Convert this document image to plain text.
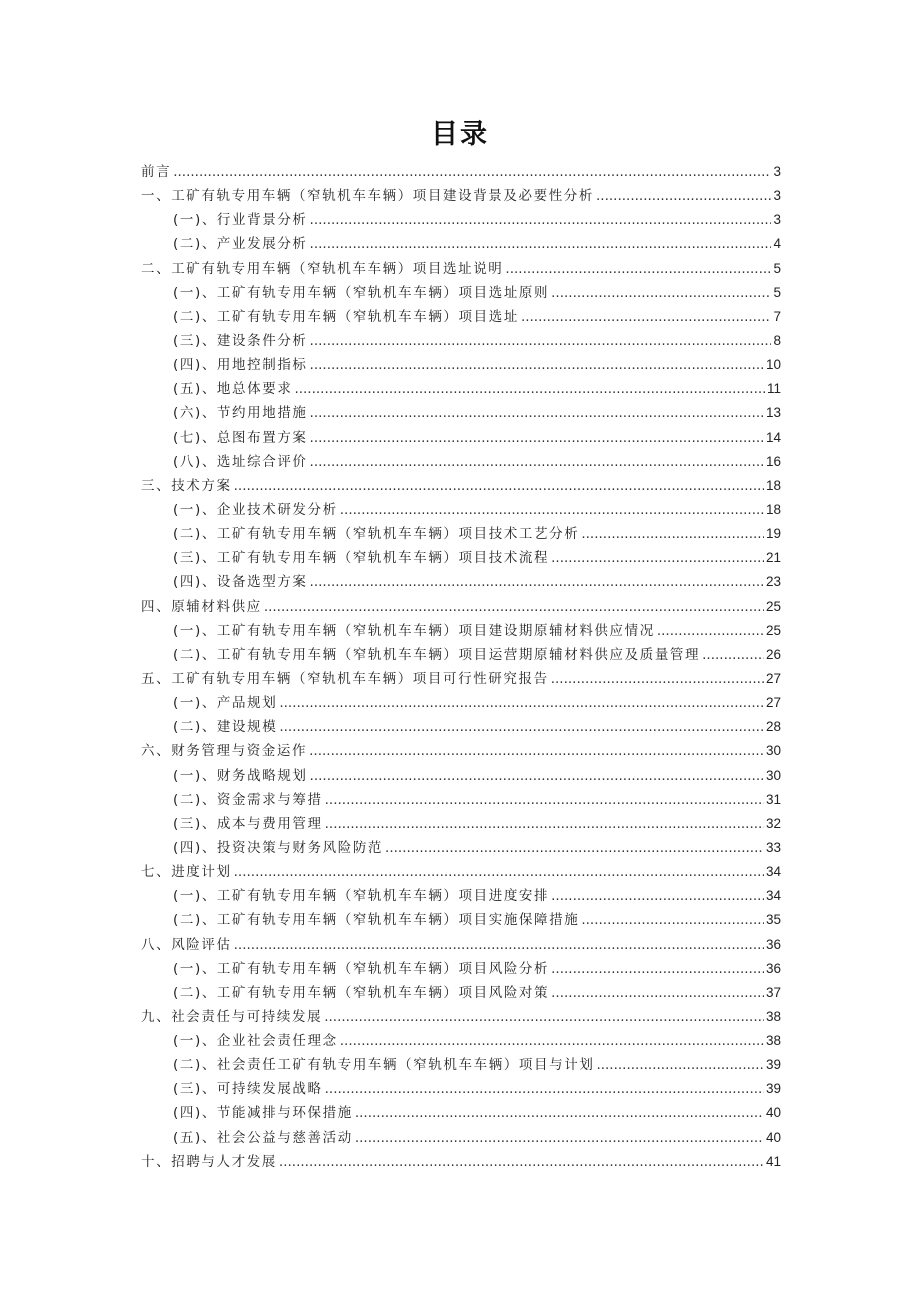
目录
前言 .....	3
一、工矿有轨专用车辆（窄轨机车车辆）项目建设背景及必要性分析 .....	3
(一)、行业背景分析 .....	3
(二)、产业发展分析 .....	4
二、工矿有轨专用车辆（窄轨机车车辆）项目选址说明 .....	5
(一)、工矿有轨专用车辆（窄轨机车车辆）项目选址原则 .....	5
(二)、工矿有轨专用车辆（窄轨机车车辆）项目选址 .....	7
(三)、建设条件分析 .....	8
(四)、用地控制指标 .....	10
(五)、地总体要求 .....	11
(六)、节约用地措施 .....	13
(七)、总图布置方案 .....	14
(八)、选址综合评价 .....	16
三、技术方案 .....	18
(一)、企业技术研发分析 .....	18
(二)、工矿有轨专用车辆（窄轨机车车辆）项目技术工艺分析 .....	19
(三)、工矿有轨专用车辆（窄轨机车车辆）项目技术流程 .....	21
(四)、设备选型方案 .....	23
四、原辅材料供应 .....	25
(一)、工矿有轨专用车辆（窄轨机车车辆）项目建设期原辅材料供应情况 .....	25
(二)、工矿有轨专用车辆（窄轨机车车辆）项目运营期原辅材料供应及质量管理 .....	26
五、工矿有轨专用车辆（窄轨机车车辆）项目可行性研究报告 .....	27
(一)、产品规划 .....	27
(二)、建设规模 .....	28
六、财务管理与资金运作 .....	30
(一)、财务战略规划 .....	30
(二)、资金需求与筹措 .....	31
(三)、成本与费用管理 .....	32
(四)、投资决策与财务风险防范 .....	33
七、进度计划 .....	34
(一)、工矿有轨专用车辆（窄轨机车车辆）项目进度安排 .....	34
(二)、工矿有轨专用车辆（窄轨机车车辆）项目实施保障措施 .....	35
八、风险评估 .....	36
(一)、工矿有轨专用车辆（窄轨机车车辆）项目风险分析 .....	36
(二)、工矿有轨专用车辆（窄轨机车车辆）项目风险对策 .....	37
九、社会责任与可持续发展 .....	38
(一)、企业社会责任理念 .....	38
(二)、社会责任工矿有轨专用车辆（窄轨机车车辆）项目与计划 .....	39
(三)、可持续发展战略 .....	39
(四)、节能减排与环保措施 .....	40
(五)、社会公益与慈善活动 .....	40
十、招聘与人才发展 .....	41
